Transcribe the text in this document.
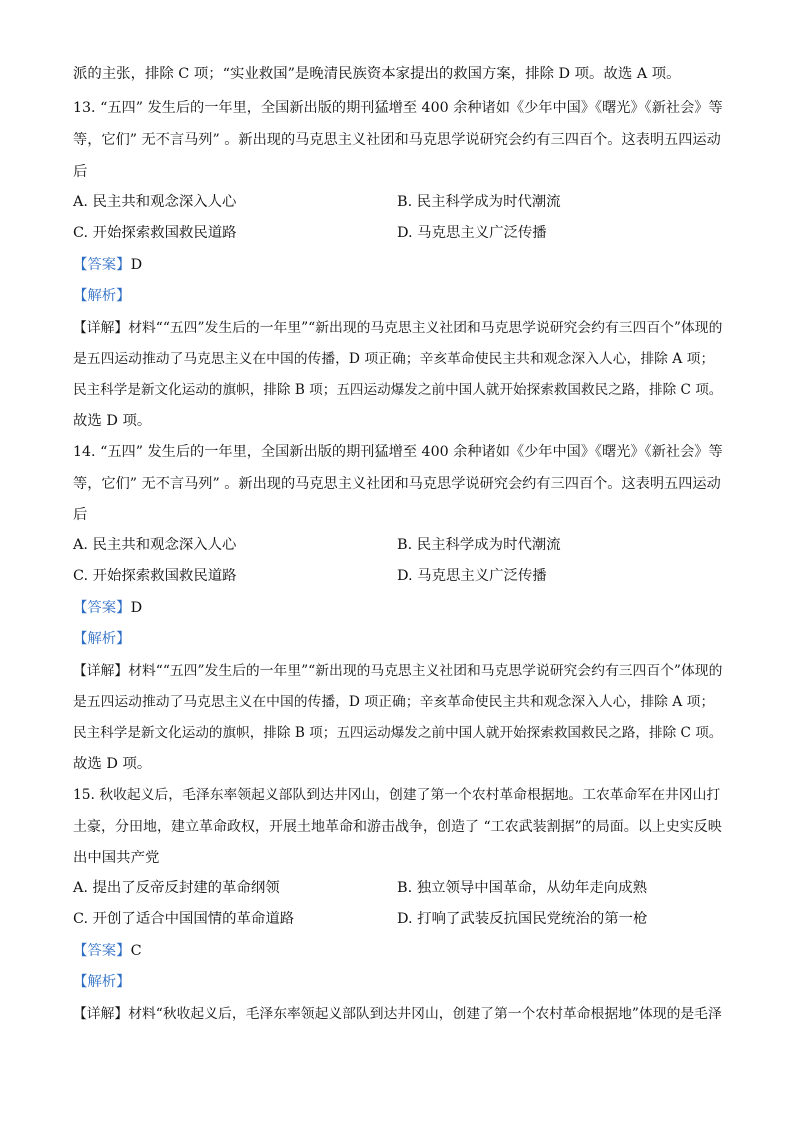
派的主张，排除 C 项；“实业救国”是晚清民族资本家提出的救国方案，排除 D 项。故选 A 项。
13. “五四” 发生后的一年里，全国新出版的期刊猛增至 400 余种诸如《少年中国》《曙光》《新社会》等
等，它们” 无不言马列” 。新出现的马克思主义社团和马克思学说研究会约有三四百个。这表明五四运动
后
A. 民主共和观念深入人心	B. 民主科学成为时代潮流
C. 开始探索救国救民道路	D. 马克思主义广泛传播
【答案】D
【解析】
【详解】材料““五四”发生后的一年里”“新出现的马克思主义社团和马克思学说研究会约有三四百个”体现的
是五四运动推动了马克思主义在中国的传播，D 项正确；辛亥革命使民主共和观念深入人心，排除 A 项；
民主科学是新文化运动的旗帜，排除 B 项；五四运动爆发之前中国人就开始探索救国救民之路，排除 C 项。
故选 D 项。
14. “五四” 发生后的一年里，全国新出版的期刊猛增至 400 余种诸如《少年中国》《曙光》《新社会》等
等，它们” 无不言马列” 。新出现的马克思主义社团和马克思学说研究会约有三四百个。这表明五四运动
后
A. 民主共和观念深入人心	B. 民主科学成为时代潮流
C. 开始探索救国救民道路	D. 马克思主义广泛传播
【答案】D
【解析】
【详解】材料““五四”发生后的一年里”“新出现的马克思主义社团和马克思学说研究会约有三四百个”体现的
是五四运动推动了马克思主义在中国的传播，D 项正确；辛亥革命使民主共和观念深入人心，排除 A 项；
民主科学是新文化运动的旗帜，排除 B 项；五四运动爆发之前中国人就开始探索救国救民之路，排除 C 项。
故选 D 项。
15. 秋收起义后，毛泽东率领起义部队到达井冈山，创建了第一个农村革命根据地。工农革命军在井冈山打
土豪，分田地，建立革命政权，开展土地革命和游击战争，创造了 “工农武装割据”的局面。以上史实反映
出中国共产党
A. 提出了反帝反封建的革命纲领	B. 独立领导中国革命，从幼年走向成熟
C. 开创了适合中国国情的革命道路	D. 打响了武装反抗国民党统治的第一枪
【答案】C
【解析】
【详解】材料“秋收起义后，毛泽东率领起义部队到达井冈山，创建了第一个农村革命根据地”体现的是毛泽
